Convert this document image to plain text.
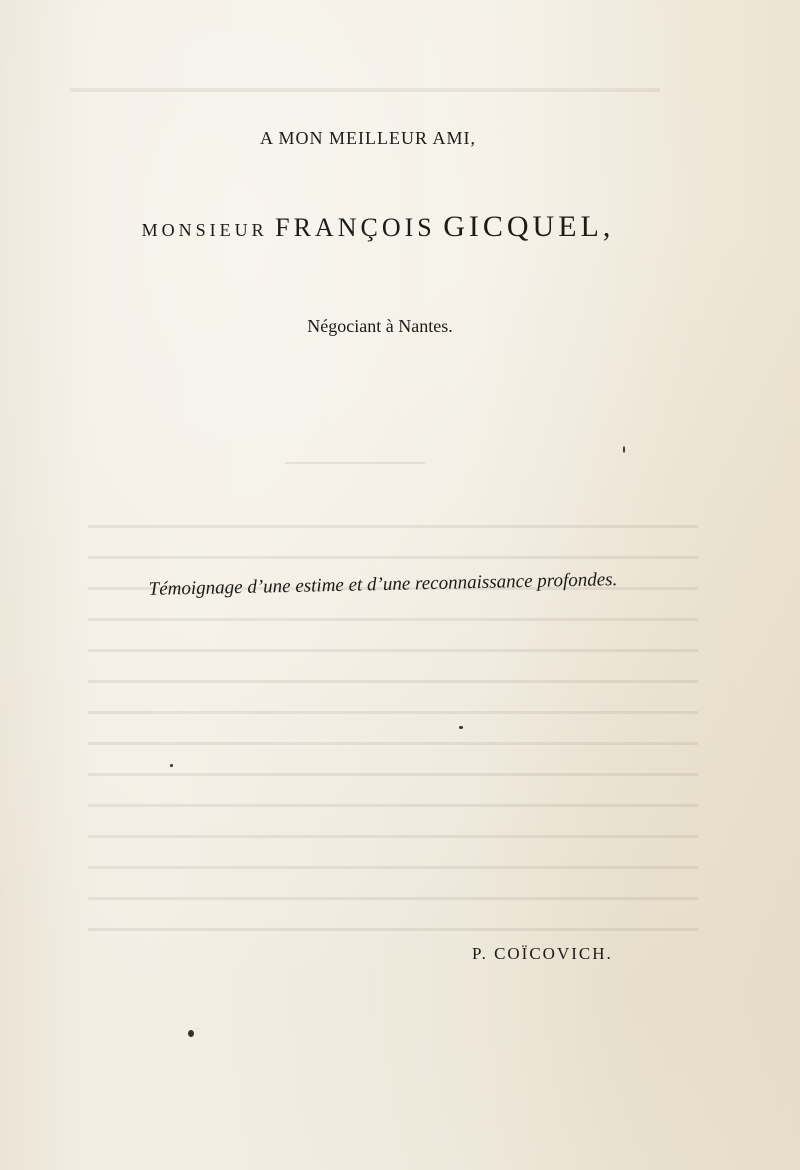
A MON MEILLEUR AMI,
MONSIEUR FRANÇOIS GICQUEL,
Négociant à Nantes.
Témoignage d’une estime et d’une reconnaissance profondes.
P. COÏCOVICH.
